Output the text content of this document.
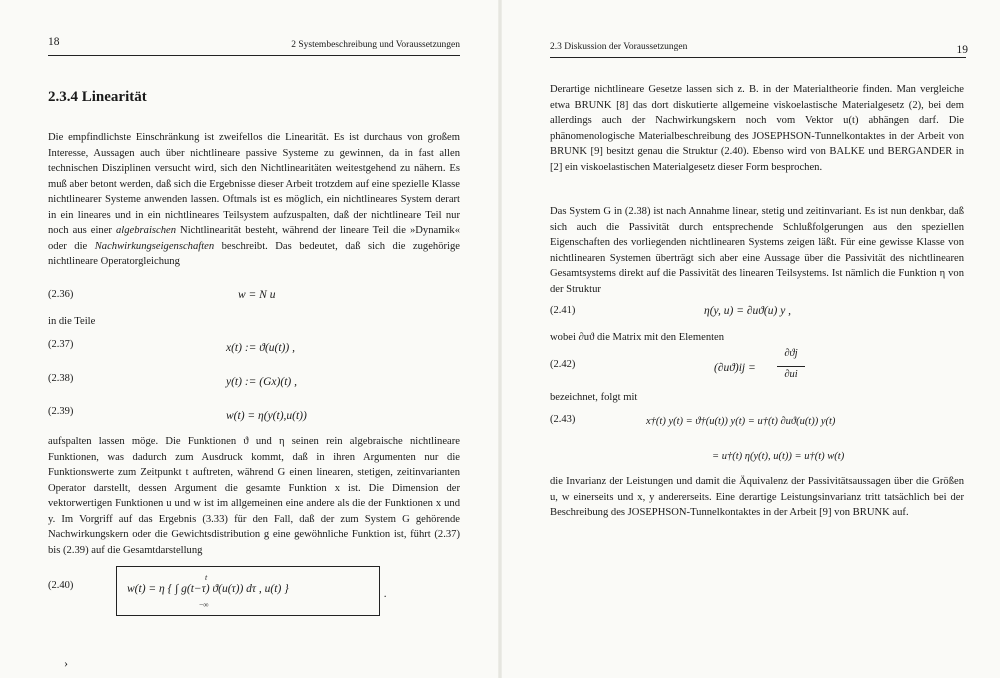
18	2 Systembeschreibung und Voraussetzungen
2.3.4 Linearität

Die empfindlichste Einschränkung ist zweifellos die Linearität. Es ist durchaus von großem Interesse, Aussagen auch über nichtlineare passive Systeme zu gewinnen, da in fast allen technischen Disziplinen versucht wird, sich den Nichtlinearitäten weitestgehend zu nähern. Es muß aber betont werden, daß sich die Ergebnisse dieser Arbeit trotzdem auf eine spezielle Klasse nichtlinearer Systeme anwenden lassen. Oftmals ist es möglich, ein nichtlineares System derart in ein lineares und in ein nichtlineares Teilsystem aufzuspalten, daß der nichtlineare Teil nur noch aus einer algebraischen Nichtlinearität besteht, während der lineare Teil die »Dynamik« oder die Nachwirkungseigenschaften beschreibt. Das bedeutet, daß sich die zugehörige nichtlineare Operatorgleichung

(2.36)	w = N u
in die Teile
(2.37)	x(t) := ϑ(u(t)) ,
(2.38)	y(t) := (Gx)(t) ,
(2.39)	w(t) = η(y(t),u(t))

aufspalten lassen möge. Die Funktionen ϑ und η seinen rein algebraische nichtlineare Funktionen, was dadurch zum Ausdruck kommt, daß in ihren Argumenten nur die Funktionswerte zum Zeitpunkt t auftreten, während G einen linearen, stetigen, zeitinvarianten Operator darstellt, dessen Argument die gesamte Funktion x ist. Die Dimension der vektorwertigen Funktionen u und w ist im allgemeinen eine andere als die der Funktionen x und y. Im Vorgriff auf das Ergebnis (3.33) für den Fall, daß der zum System G gehörende Nachwirkungskern oder die Gewichtsdistribution g eine gewöhnliche Funktion ist, führt (2.37) bis (2.39) auf die Gesamtdarstellung

(2.40)	w(t) = η { ∫ g(t−τ) ϑ(u(τ)) dτ , u(t) }
t
−∞
.
›
2.3 Diskussion der Voraussetzungen	19

Derartige nichtlineare Gesetze lassen sich z. B. in der Materialtheorie finden. Man vergleiche etwa BRUNK [8] das dort diskutierte allgemeine viskoelastische Materialgesetz (2), bei dem allerdings auch der Nachwirkungskern noch vom Vektor u(t) abhängen darf. Die phänomenologische Materialbeschreibung des JOSEPHSON-Tunnelkontaktes in der Arbeit von BRUNK [9] besitzt genau die Struktur (2.40). Ebenso wird von BALKE und BERGANDER in [2] ein viskoelastischen Materialgesetz dieser Form besprochen.

Das System G in (2.38) ist nach Annahme linear, stetig und zeitinvariant. Es ist nun denkbar, daß sich auch die Passivität durch entsprechende Schlußfolgerungen aus den speziellen Eigenschaften des vorliegenden nichtlinearen Systems zeigen läßt. Für eine gewisse Klasse von nichtlinearen Systemen überträgt sich aber eine Aussage über die Passivität des nichtlinearen Gesamtsystems direkt auf die Passivität des linearen Teilsystems. Ist nämlich die Funktion η von der Struktur

(2.41)	η(y, u) = ∂uϑ(u) y ,
wobei ∂uϑ die Matrix mit den Elementen
(2.42)	(∂uϑ)ij =
∂ϑj
∂ui
bezeichnet, folgt mit
(2.43)	x†(t) y(t) = ϑ†(u(t)) y(t) = u†(t) ∂uϑ(u(t)) y(t)
= u†(t) η(y(t), u(t)) = u†(t) w(t)

die Invarianz der Leistungen und damit die Äquivalenz der Passivitätsaussagen über die Größen u, w einerseits und x, y andererseits. Eine derartige Leistungsinvarianz tritt tatsächlich bei der Beschreibung des JOSEPHSON-Tunnelkontaktes in der Arbeit [9] von BRUNK auf.
